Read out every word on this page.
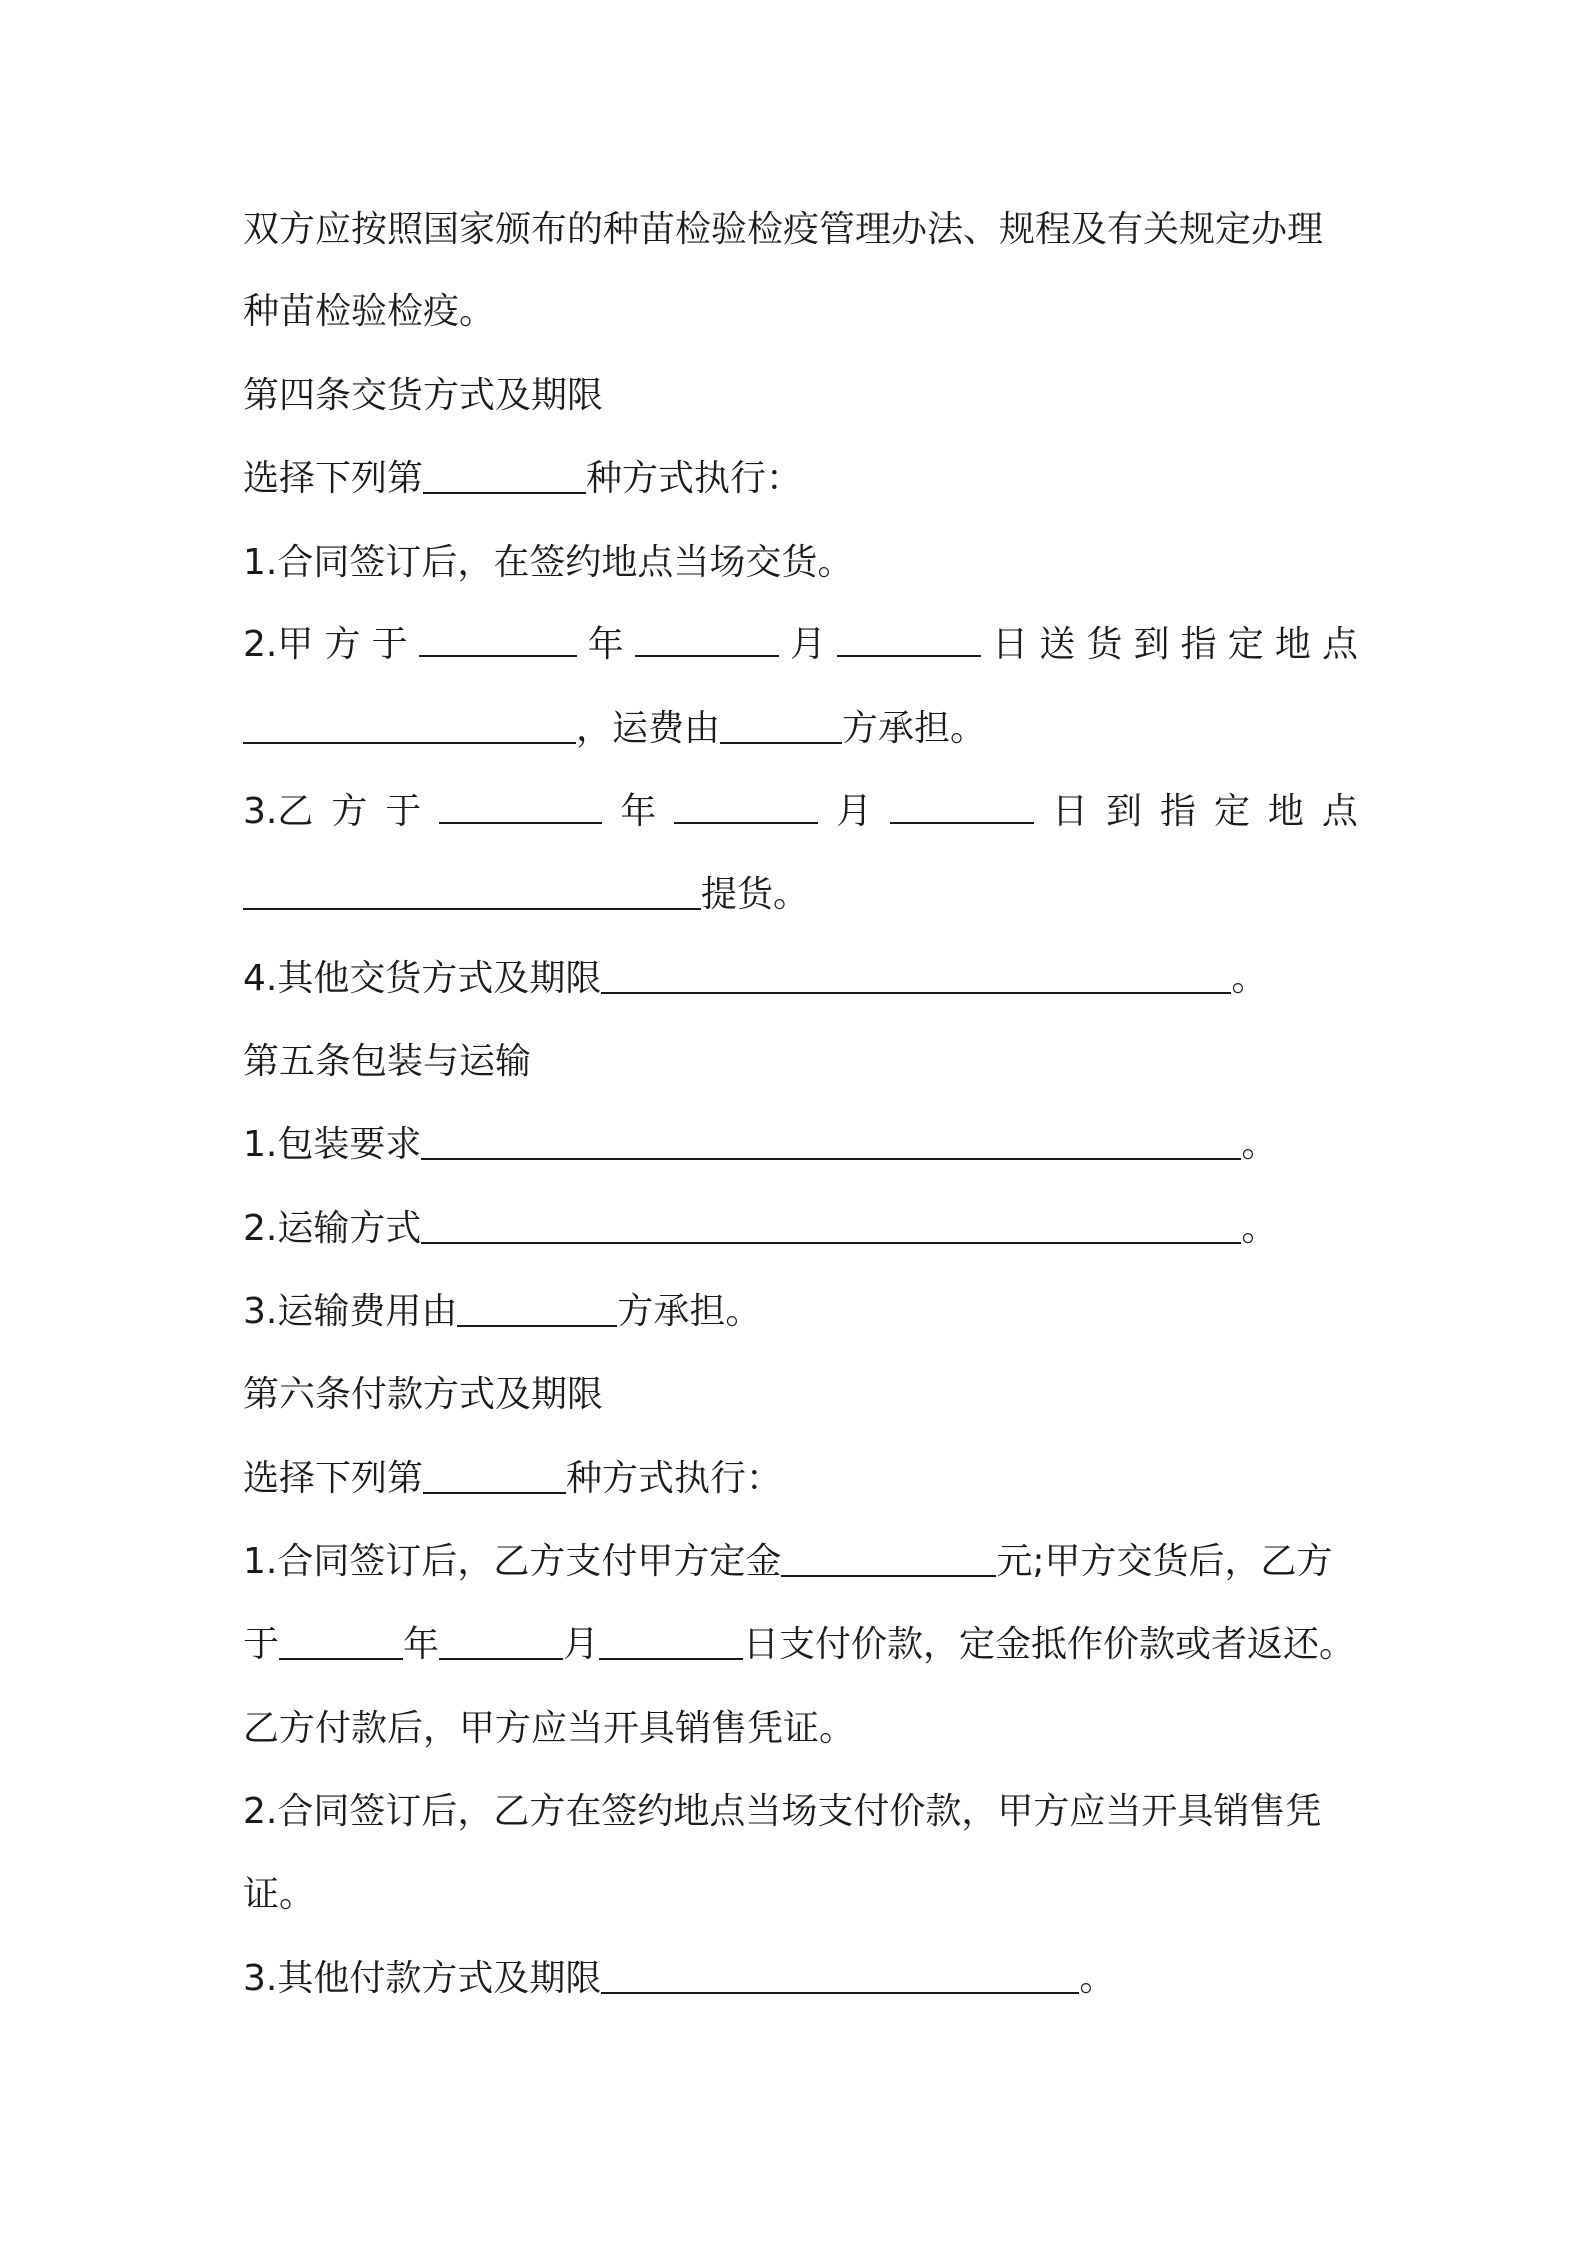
双方应按照国家颁布的种苗检验检疫管理办法、规程及有关规定办理
种苗检验检疫。
第四条交货方式及期限
选择下列第	种方式执行：
1.合同签订后，在签约地点当场交货。
2.甲 方 于	年	月	日 送 货 到 指 定 地 点
，运费由	方承担。
3.乙 方 于	年	月	日 到 指 定 地 点
提货。
4.其他交货方式及期限	。
第五条包装与运输
1.包装要求	。
2.运输方式	。
3.运输费用由	方承担。
第六条付款方式及期限
选择下列第	种方式执行：
1.合同签订后，乙方支付甲方定金	元;甲方交货后，乙方
于	年	月	日支付价款，定金抵作价款或者返还。
乙方付款后，甲方应当开具销售凭证。
2.合同签订后，乙方在签约地点当场支付价款，甲方应当开具销售凭
证。
3.其他付款方式及期限	。
